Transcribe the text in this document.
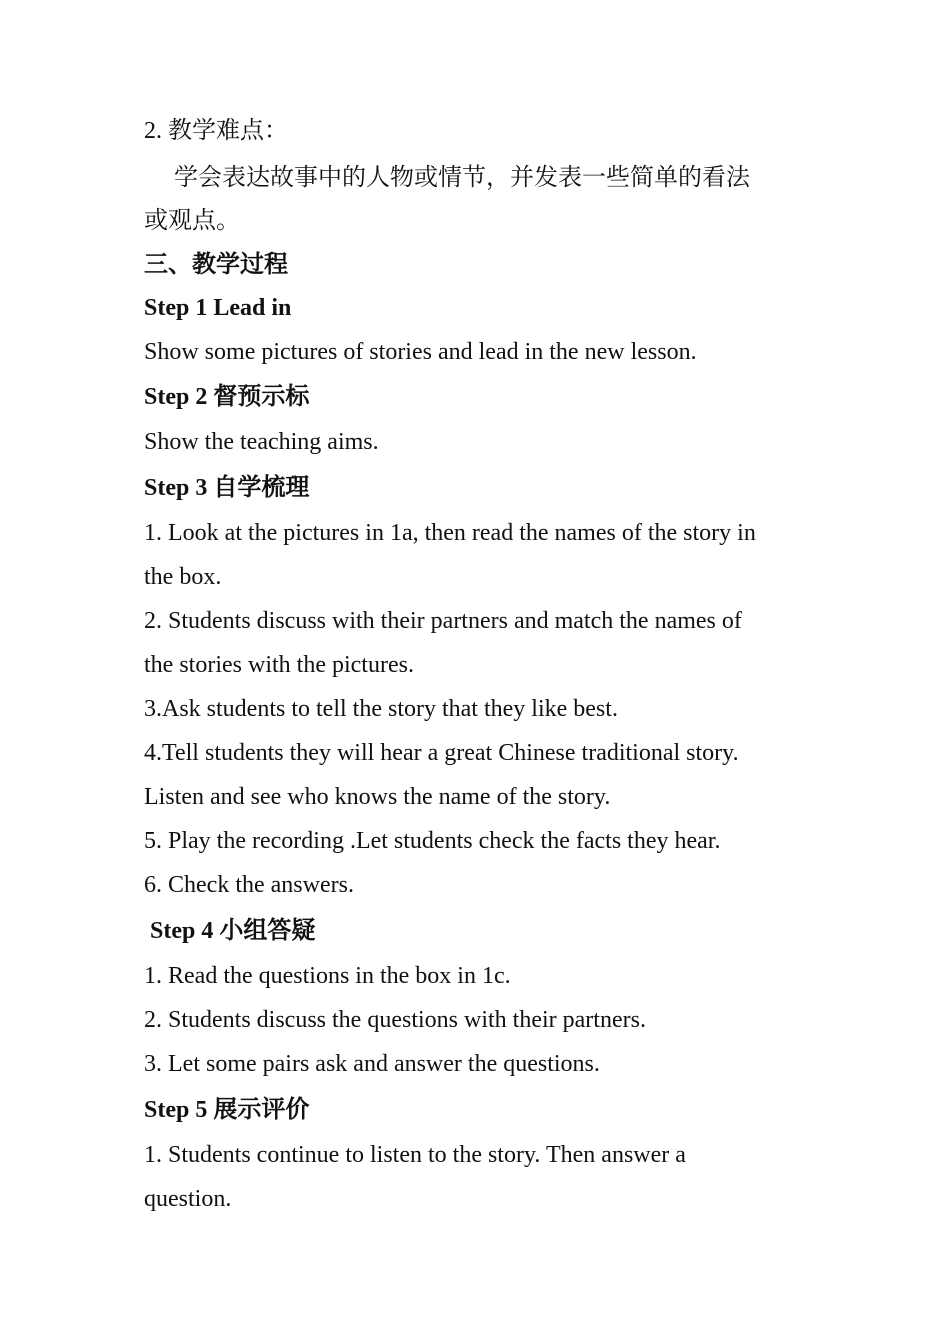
2. 教学难点：
学会表达故事中的人物或情节，并发表一些简单的看法
或观点。
三、教学过程
Step 1 Lead in
Show some pictures of stories and lead in the new lesson.
Step 2 督预示标
Show the teaching aims.
Step 3 自学梳理
1. Look at the pictures in 1a, then read the names of the story in
the box.
2. Students discuss with their partners and match the names of
the stories with the pictures.
3.Ask students to tell the story that they like best.
4.Tell students they will hear a great Chinese traditional story.
Listen and see who knows the name of the story.
5. Play the recording .Let students check the facts they hear.
6. Check the answers.
Step 4 小组答疑
1. Read the questions in the box in 1c.
2. Students discuss the questions with their partners.
3. Let some pairs ask and answer the questions.
Step 5 展示评价
1. Students continue to listen to the story. Then answer a
question.
